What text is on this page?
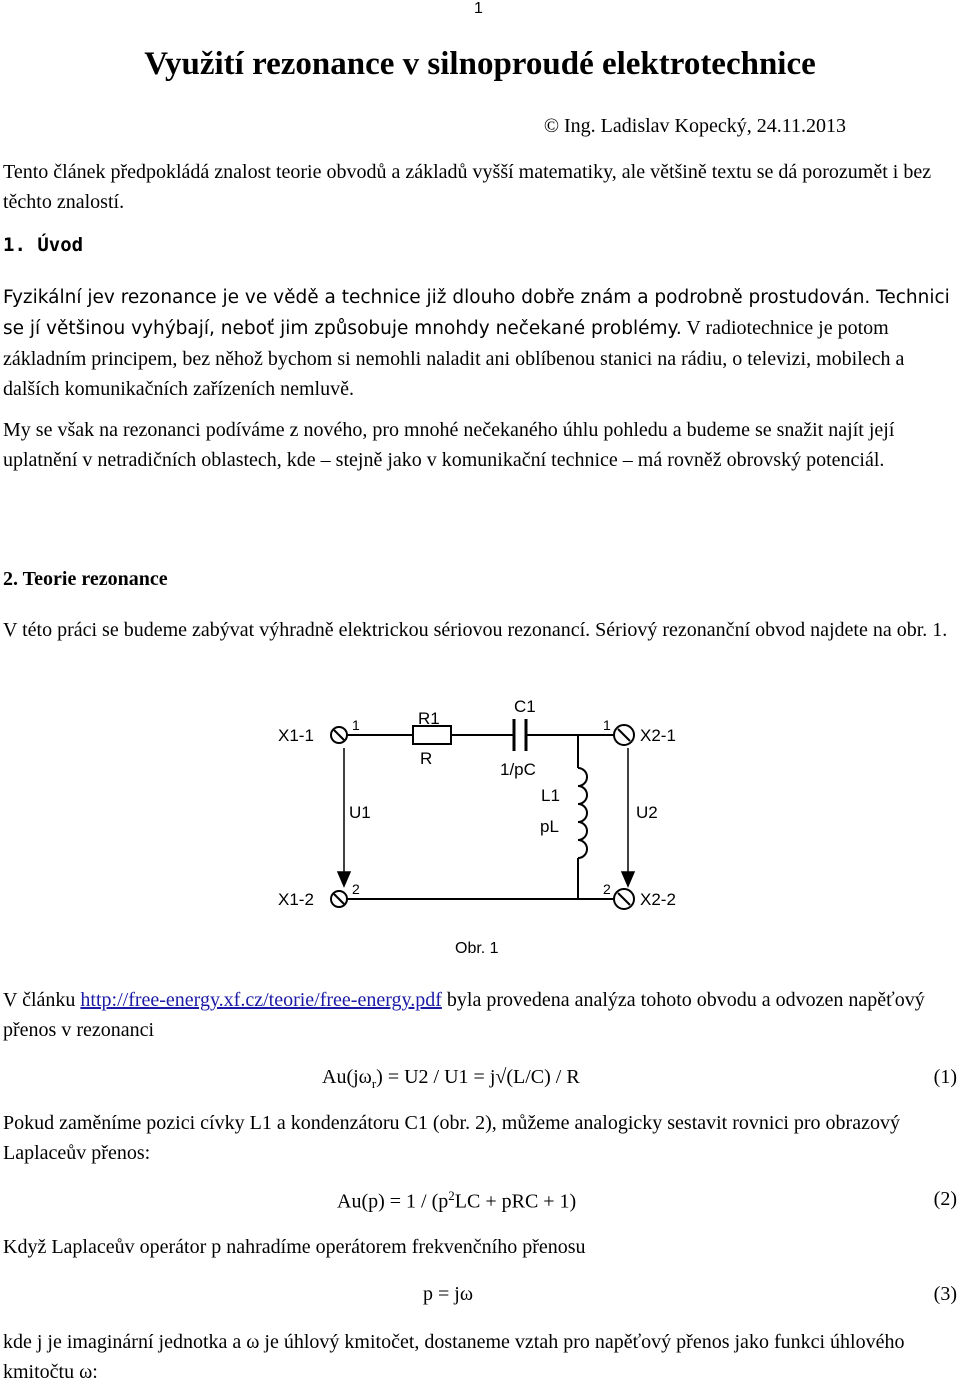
1
Využití rezonance v silnoproudé elektrotechnice
© Ing. Ladislav Kopecký, 24.11.2013
Tento článek předpokládá znalost teorie obvodů a základů vyšší matematiky, ale většině textu se dá porozumět i bez těchto znalostí.
1. Úvod
Fyzikální jev rezonance je ve vědě a technice již dlouho dobře znám a podrobně prostudován. Technici se jí většinou vyhýbají, neboť jim způsobuje mnohdy nečekané problémy. V radiotechnice je potom základním principem, bez něhož bychom si nemohli naladit ani oblíbenou stanici na rádiu, o televizi, mobilech a dalších komunikačních zařízeních nemluvě.
My se však na rezonanci podíváme z nového, pro mnohé nečekaného úhlu pohledu a budeme se snažit najít její uplatnění v netradičních oblastech, kde – stejně jako v komunikační technice – má rovněž obrovský potenciál.
2. Teorie rezonance
V této práci se budeme zabývat výhradně elektrickou sériovou rezonancí. Sériový rezonanční obvod najdete na obr. 1.
X1-1
X1-2
X2-1
X2-2
R1
R
C1
1/pC
L1
pL
U1	U2
1	1
2	2
Obr. 1
V článku http://free-energy.xf.cz/teorie/free-energy.pdf byla provedena analýza tohoto obvodu a odvozen napěťový přenos v rezonanci
$Au(j\omega_r) = U2 / U1 = j√(L/C) / R$	(1)
Pokud zaměníme pozici cívky L1 a kondenzátoru C1 (obr. 2), můžeme analogicky sestavit rovnici pro obrazový Laplaceův přenos:
$Au(p) = 1 / (p^2LC$ + pRC + 1)	(2)
Když Laplaceův operátor p nahradíme operátorem frekvenčního přenosu
p = jω	(3)
kde j je imaginární jednotka a ω je úhlový kmitočet, dostaneme vztah pro napěťový přenos jako funkci úhlového kmitočtu ω:
